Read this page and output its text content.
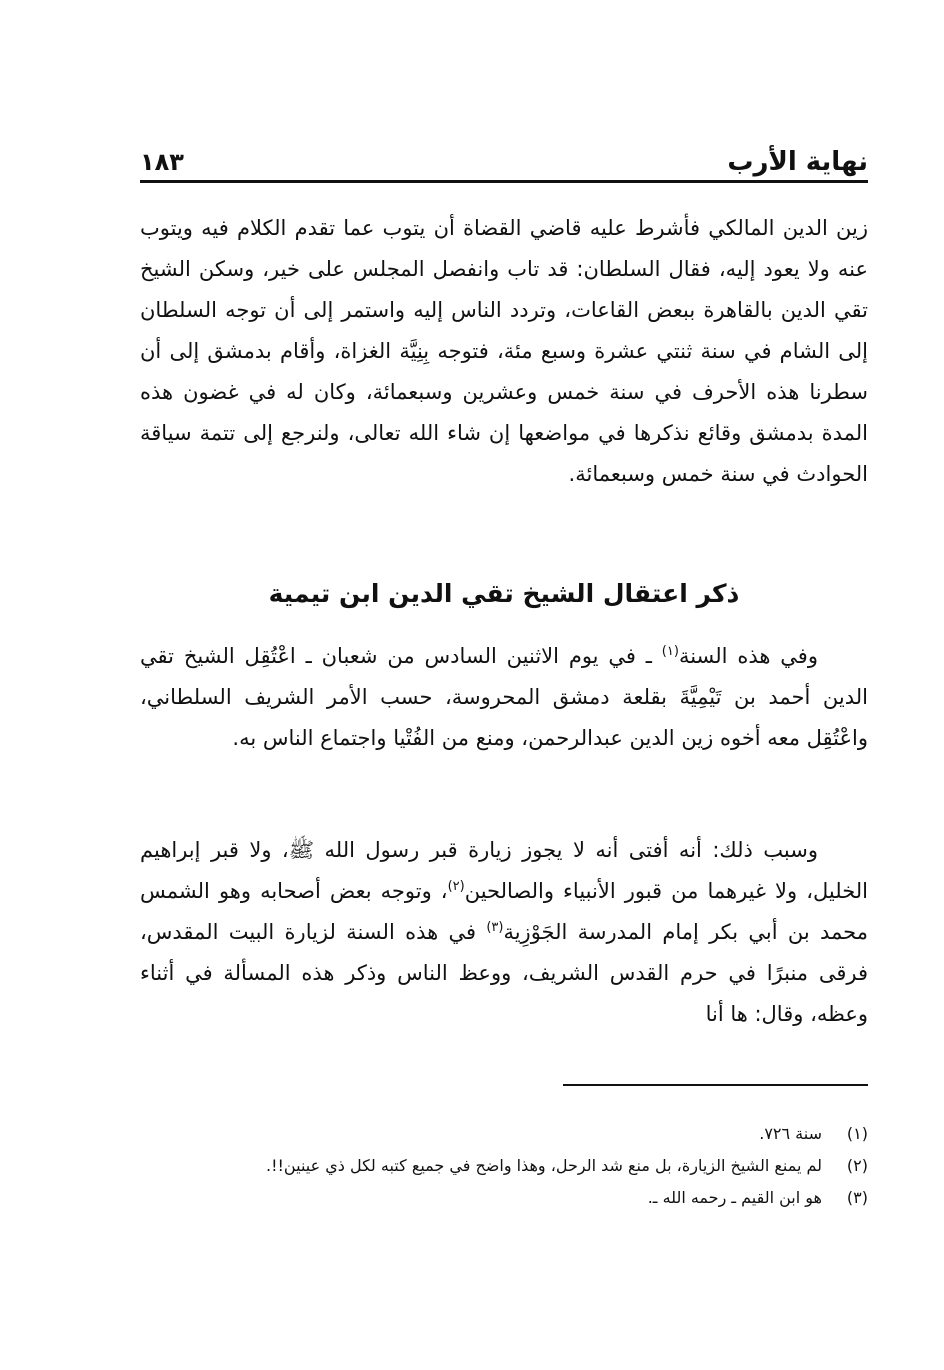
نهاية الأرب
١٨٣

زين الدين المالكي فأشرط عليه قاضي القضاة أن يتوب عما تقدم الكلام فيه ويتوب عنه ولا يعود إليه، فقال السلطان: قد تاب وانفصل المجلس على خير، وسكن الشيخ تقي الدين بالقاهرة ببعض القاعات، وتردد الناس إليه واستمر إلى أن توجه السلطان إلى الشام في سنة ثنتي عشرة وسبع مئة، فتوجه بِنِيَّة الغزاة، وأقام بدمشق إلى أن سطرنا هذه الأحرف في سنة خمس وعشرين وسبعمائة، وكان له في غضون هذه المدة بدمشق وقائع نذكرها في مواضعها إن شاء الله تعالى، ولنرجع إلى تتمة سياقة الحوادث في سنة خمس وسبعمائة.

ذكر اعتقال الشيخ تقي الدين ابن تيمية

وفي هذه السنة$^{(١)}$ ـ في يوم الاثنين السادس من شعبان ـ اعْتُقِل الشيخ تقي الدين أحمد بن تَيْمِيَّةَ بقلعة دمشق المحروسة، حسب الأمر الشريف السلطاني، واعْتُقِل معه أخوه زين الدين عبدالرحمن، ومنع من الفُتْيا واجتماع الناس به.

وسبب ذلك: أنه أفتى أنه لا يجوز زيارة قبر رسول الله ﷺ، ولا قبر إبراهيم الخليل، ولا غيرهما من قبور الأنبياء والصالحين$^{(٢)}$، وتوجه بعض أصحابه وهو الشمس محمد بن أبي بكر إمام المدرسة الجَوْزِية$^{(٣)}$ في هذه السنة لزيارة البيت المقدس، فرقى منبرًا في حرم القدس الشريف، ووعظ الناس وذكر هذه المسألة في أثناء وعظه، وقال: ها أنا

(١)
سنة ٧٢٦.
(٢)
لم يمنع الشيخ الزيارة، بل منع شد الرحل، وهذا واضح في جميع كتبه لكل ذي عينين!!.
(٣)
هو ابن القيم ـ رحمه الله ـ.
